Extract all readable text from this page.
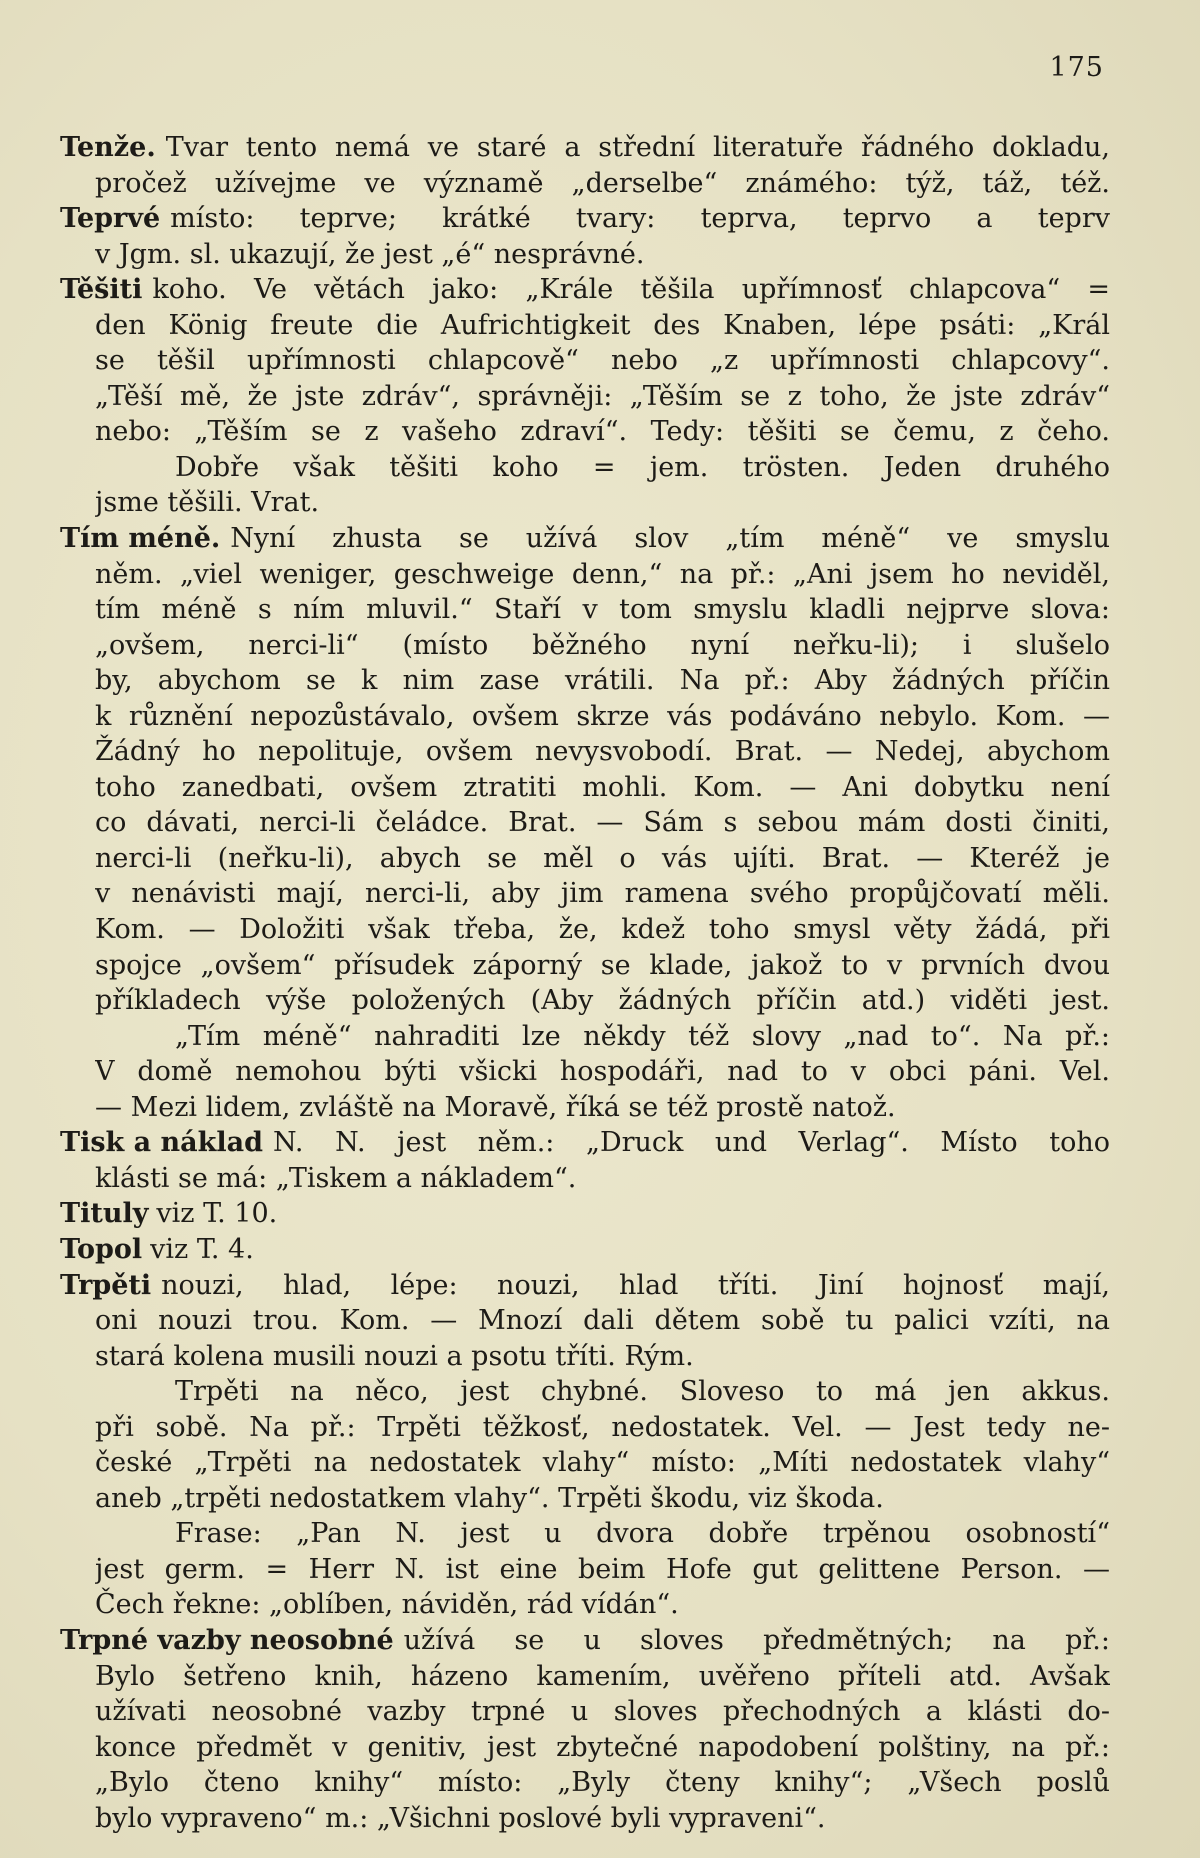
175
Tenže. Tvar tento nemá ve staré a střední literatuře řádného dokladu,
pročež užívejme ve významě „derselbe“ známého: týž, táž, též.
Teprvé místo: teprve; krátké tvary: teprva, teprvo a teprv
v Jgm. sl. ukazují, že jest „é“ nesprávné.
Těšiti koho. Ve větách jako: „Krále těšila upřímnosť chlapcova“ =
den König freute die Aufrichtigkeit des Knaben, lépe psáti: „Král
se těšil upřímnosti chlapcově“ nebo „z upřímnosti chlapcovy“.
„Těší mě, že jste zdráv“, správněji: „Těším se z toho, že jste zdráv“
nebo: „Těším se z vašeho zdraví“. Tedy: těšiti se čemu, z čeho.
Dobře však těšiti koho = jem. trösten. Jeden druhého
jsme těšili. Vrat.
Tím méně. Nyní zhusta se užívá slov „tím méně“ ve smyslu
něm. „viel weniger, geschweige denn,“ na př.: „Ani jsem ho neviděl,
tím méně s ním mluvil.“ Staří v tom smyslu kladli nejprve slova:
„ovšem, nerci-li“ (místo běžného nyní neřku-li); i slušelo
by, abychom se k nim zase vrátili. Na př.: Aby žádných příčin
k různění nepozůstávalo, ovšem skrze vás podáváno nebylo. Kom. —
Žádný ho nepolituje, ovšem nevysvobodí. Brat. — Nedej, abychom
toho zanedbati, ovšem ztratiti mohli. Kom. — Ani dobytku není
co dávati, nerci-li čeládce. Brat. — Sám s sebou mám dosti činiti,
nerci-li (neřku-li), abych se měl o vás ujíti. Brat. — Kteréž je
v nenávisti mají, nerci-li, aby jim ramena svého propůjčovatí měli.
Kom. — Doložiti však třeba, že, kdež toho smysl věty žádá, při
spojce „ovšem“ přísudek záporný se klade, jakož to v prvních dvou
příkladech výše položených (Aby žádných příčin atd.) viděti jest.
„Tím méně“ nahraditi lze někdy též slovy „nad to“. Na př.:
V domě nemohou býti všicki hospodáři, nad to v obci páni. Vel.
— Mezi lidem, zvláště na Moravě, říká se též prostě natož.
Tisk a náklad N. N. jest něm.: „Druck und Verlag“. Místo toho
klásti se má: „Tiskem a nákladem“.
Tituly viz T. 10.
Topol viz T. 4.
Trpěti nouzi, hlad, lépe: nouzi, hlad tříti. Jiní hojnosť mají,
oni nouzi trou. Kom. — Mnozí dali dětem sobě tu palici vzíti, na
stará kolena musili nouzi a psotu tříti. Rým.
Trpěti na něco, jest chybné. Sloveso to má jen akkus.
při sobě. Na př.: Trpěti těžkosť, nedostatek. Vel. — Jest tedy ne-
české „Trpěti na nedostatek vlahy“ místo: „Míti nedostatek vlahy“
aneb „trpěti nedostatkem vlahy“. Trpěti škodu, viz škoda.
Frase: „Pan N. jest u dvora dobře trpěnou osobností“
jest germ. = Herr N. ist eine beim Hofe gut gelittene Person. —
Čech řekne: „oblíben, náviděn, rád vídán“.
Trpné vazby neosobné užívá se u sloves předmětných; na př.:
Bylo šetřeno knih, házeno kamením, uvěřeno příteli atd. Avšak
užívati neosobné vazby trpné u sloves přechodných a klásti do-
konce předmět v genitiv, jest zbytečné napodobení polštiny, na př.:
„Bylo čteno knihy“ místo: „Byly čteny knihy“; „Všech poslů
bylo vypraveno“ m.: „Všichni poslové byli vypraveni“.
